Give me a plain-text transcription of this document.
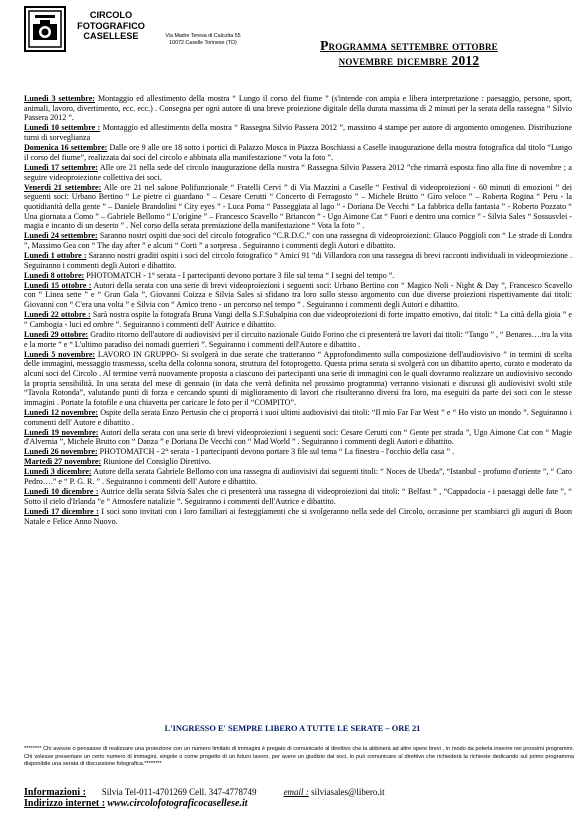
CIRCOLO
FOTOGRAFICO
CASELLESE	Via Madre Teresa di Calcutta 55
10072 Caselle Torinese (TO)	Programma settembre ottobre
novembre dicembre 2012
Lunedì 3 settembre: Montaggio ed allestimento della mostra “ Lungo il corso del fiume ” (s'intende con ampia e libera interpretazione : paesaggio, persone, sport, animali, lavoro, divertimento, ecc. ecc.) . Consegna per ogni autore di una breve proiezione digitale della durata massima di 2 minuti per la serata della rassegna “ Silvio Passera 2012 ”.
Lunedì 10 settembre : Montaggio ed allestimento della mostra “ Rassegna Silvio Passera 2012 ”, massimo 4 stampe per autore di argomento omogeneo. Distribuzione turni di sorveglianza
Domenica 16 settembre: Dalle ore 9 alle ore 18 sotto i portici di Palazzo Mosca in Piazza Boschiassi a Caselle inaugurazione della mostra fotografica dal titolo “Lungo il corso del fiume”, realizzata dai soci del circolo e abbinata alla manifestazione “ vota la foto ”.
Lunedì 17 settembre: Alle ore 21 nella sede del circolo inaugurazione della mostra “ Rassegna Silvio Passera 2012 ”che rimarrà esposta fino alla fine di novembre ; a seguire videoproiezione collettiva dei soci.
Venerdì 21 settembre: Alle ore 21 nel salone Polifunzionale “ Fratelli Cervi ” di Via Mazzini a Caselle “ Festival di videoproiezioni - 60 minuti di emozioni ” dei seguenti soci: Urbano Bertino “ Le pietre ci guardano ” – Cesare Cerutti “ Concerto di Ferragosto ” – Michele Brutto “ Giro veloce ” – Roberta Rogina “ Peru - la quotidianità della gente ” – Daniele Brandolini “ City eyes ” - Luca Poma “ Passeggiata al lago ” - Doriana De Vecchi “ La fabbrica della fantasia ” - Roberto Pozzato “ Una giornata a Como ” – Gabriele Bellomo “ L'origine ” – Francesco Scavello “ Briancon ” - Ugo Aimone Cat “ Fuori e dentro una cornice ” - Silvia Sales “ Sossusvlei - magia e incanto di un deserto ” . Nel corso della serata premiazione della manifestazione “ Vota la foto ” .
Lunedì 24 settembre: Saranno nostri ospiti due soci del circolo fotografico “C.R.D.C.” con una rassegna di videoproiezioni: Glauco Poggioli con “ Le strade di Londra ”, Massimo Gea con “ The day after ” e alcuni “ Corti ” a sorpresa . Seguiranno i commenti degli Autori e dibattito.
Lunedì 1 ottobre : Saranno nostri graditi ospiti i soci del circolo fotografico “ Amici 91 ”di Villardora con una rassegna di brevi racconti individuali in videoproiezione . Seguiranno i commenti degli Autori e dibattito.
Lunedì 8 ottobre: PHOTOMATCH - 1° serata - I partecipanti devono portare 3 file sul tema “ I segni del tempo ”.
Lunedì 15 ottobre : Autori della serata con una serie di brevi videoproiezioni i seguenti soci: Urbano Bertino con “ Magico Noli - Night & Day ”, Francesco Scavello con “ Linea sette ” e “ Gran Gala ”, Giovanni Coizza e Silvia Sales si sfidano tra loro sullo stesso argomento con due diverse proiezioni rispettivamente dai titoli: Giovanni con “ C'era una volta ” e Silvia con “ Amico treno - un percorso nel tempo ” . Seguiranno i commenti degli Autori e dibattito.
Lunedì 22 ottobre : Sarà nostra ospite la fotografa Bruna Vangi della S.F.Subalpina con due videoproiezioni di forte impatto emotivo, dai titoli: “ La città della gioia ” e “ Cambogia - luci ed ombre ”. Seguiranno i commenti dell' Autrice e dibattito.
Lunedì 29 ottobre: Gradito ritorno dell'autore di audiovisivi per il circuito nazionale Guido Forino che ci presenterà tre lavori dai titoli: “Tango ” , “ Benares….tra la vita e la morte ” e “ L'ultimo paradiso dei nomadi guerrieri ”. Seguiranno i commenti dell'Autore e dibattito .
Lunedì 5 novembre: LAVORO IN GRUPPO- Si svolgerà in due serate che tratteranno “ Approfondimento sulla composizione dell'audiovisivo ” in termini di scelta delle immagini, messaggio trasmesso, scelta della colonna sonora, struttura del fotoprogetto. Questa prima serata si svolgerà con un dibattito aperto, curato e moderato da alcuni soci del Circolo . Al termine verrà nuovamente proposta a ciascuno dei partecipanti una serie di immagini con le quali dovranno realizzare un audiovisivo secondo la propria sensibilità. In una serata del mese di gennaio (in data che verrà definita nel prossimo programma) verranno visionati e discussi gli audiovisivi svolti stile “Tavola Rotonda”, valutando punti di forza e cercando spunti di miglioramento di lavori che risulteranno diversi fra loro, ma eseguiti da parte dei soci con le stesse immagini . Portate la fotofile e una chiavetta per caricare le foto per il “COMPITO”.
Lunedì 12 novembre: Ospite della serata Enzo Pertusio che ci proporrà i suoi ultimi audiovisivi dai titoli: “Il mio Far Far West ” e “ Ho visto un mondo ”. Seguiranno i commenti dell' Autore e dibattito .
Lunedì 19 novembre: Autori della serata con una serie di brevi videoproiezioni i seguenti soci: Cesare Cerutti con “ Gente per strada ”, Ugo Aimone Cat con “ Magie d'Alvernia ”, Michele Brutto con “ Danza ” e Doriana De Vecchi con “ Mad World ” . Seguiranno i commenti degli Autori e dibattito.
Lunedì 26 novembre: PHOTOMATCH - 2° serata - I partecipanti devono portare 3 file sul tema “ La finestra - l'occhio della casa ” .
Martedì 27 novembre: Riunione del Consiglio Direttivo.
Lunedì 3 dicembre: Autore della serata Gabriele Bellomo con una rassegna di audiovisivi dai seguenti titoli: “ Noces de Ubeda”, “Istanbul - profumo d'oriente ”, “ Caro Pedro….” e “ P. G. R. ” . Seguiranno i commenti dell' Autore e dibattito.
Lunedì 10 dicembre : Autrice della serata Silvia Sales che ci presenterà una rassegna di videoproiezioni dai titoli: “ Belfast ” , “Cappadocia - i paesaggi delle fate ”, “ Sotto il cielo d'Irlanda ”e “ Atmosfere natalizie ”. Seguiranno i commenti dell'Autrice e dibattito.
Lunedì 17 dicembre : I soci sono invitati con i loro familiari ai festeggiamenti che si svolgeranno nella sede del Circolo, occasione per scambiarci gli auguri di Buon Natale e Felice Anno Nuovo.
L'INGRESSO E' SEMPRE LIBERO A TUTTE LE SERATE – ORE 21
******** Chi avesse o pensasse di realizzare una proiezione con un numero limitato di immagini è pregato di comunicarlo al direttivo che la abbinerà ad altre opere brevi , in modo da poterla inserire nei prossimi programmi. Chi volesse presentare un certo numero di immagini, singole o come progetto di un futuro lavoro, per avere un giudizio dai soci, lo può comunicare al direttivo che richiederà la richieste dedicando sul primo programma disponibile una serata di discussione fotografica.********
Informazioni : Silvia Tel-011-4701269 Cell. 347-4778749	email : silviasales@libero.it
Indirizzo internet : www.circolofotograficocasellese.it
